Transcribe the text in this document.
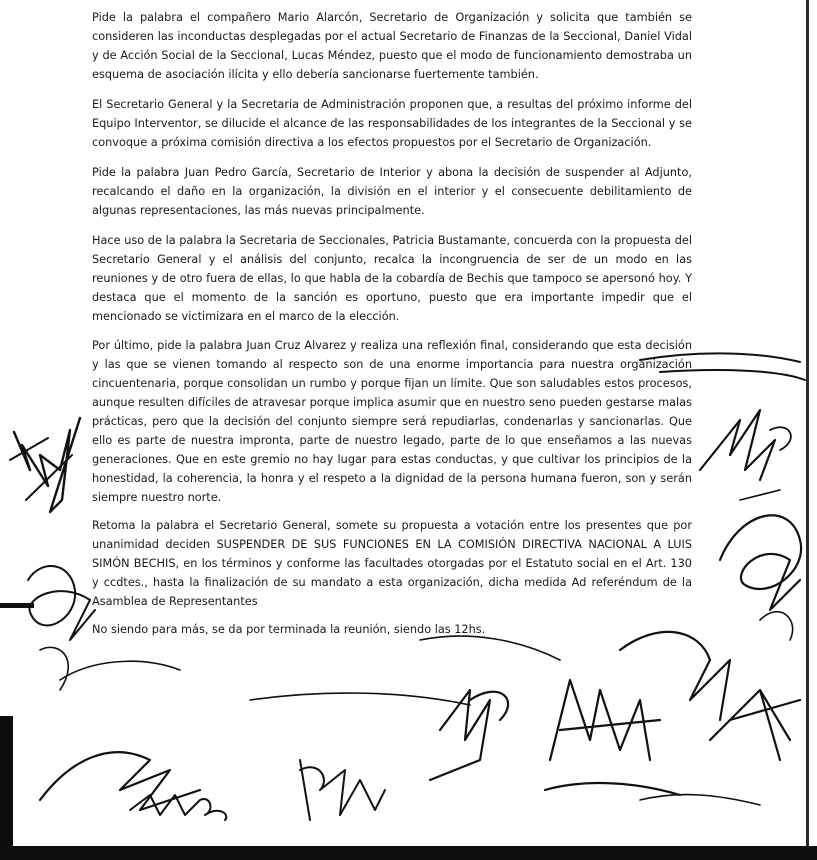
Pide la palabra el compañero Mario Alarcón, Secretario de Organización y solicita que también se consideren las inconductas desplegadas por el actual Secretario de Finanzas de la Seccional, Daniel Vidal y de Acción Social de la Seccional, Lucas Méndez, puesto que el modo de funcionamiento demostraba un esquema de asociación ilícita y ello debería sancionarse fuertemente también.

El Secretario General y la Secretaria de Administración proponen que, a resultas del próximo informe del Equipo Interventor, se dilucide el alcance de las responsabilidades de los integrantes de la Seccional y se convoque a próxima comisión directiva a los efectos propuestos por el Secretario de Organización.

Pide la palabra Juan Pedro García, Secretario de Interior y abona la decisión de suspender al Adjunto, recalcando el daño en la organización, la división en el interior y el consecuente debilitamiento de algunas representaciones, las más nuevas principalmente.

Hace uso de la palabra la Secretaria de Seccionales, Patricia Bustamante, concuerda con la propuesta del Secretario General y el análisis del conjunto, recalca la incongruencia de ser de un modo en las reuniones y de otro fuera de ellas, lo que habla de la cobardía de Bechis que tampoco se apersonó hoy. Y destaca que el momento de la sanción es oportuno, puesto que era importante impedir que el mencionado se victimizara en el marco de la elección.

Por último, pide la palabra Juan Cruz Alvarez y realiza una reflexión final, considerando que esta decisión y las que se vienen tomando al respecto son de una enorme importancia para nuestra organización cincuentenaria, porque consolidan un rumbo y porque fijan un límite. Que son saludables estos procesos, aunque resulten difíciles de atravesar porque implica asumir que en nuestro seno pueden gestarse malas prácticas, pero que la decisión del conjunto siempre será repudiarlas, condenarlas y sancionarlas. Que ello es parte de nuestra impronta, parte de nuestro legado, parte de lo que enseñamos a las nuevas generaciones. Que en este gremio no hay lugar para estas conductas, y que cultivar los principios de la honestidad, la coherencia, la honra y el respeto a la dignidad de la persona humana fueron, son y serán siempre nuestro norte.

Retoma la palabra el Secretario General, somete su propuesta a votación entre los presentes que por unanimidad deciden SUSPENDER DE SUS FUNCIONES EN LA COMISIÓN DIRECTIVA NACIONAL A LUIS SIMÓN BECHIS, en los términos y conforme las facultades otorgadas por el Estatuto social en el Art. 130 y ccdtes., hasta la finalización de su mandato a esta organización, dicha medida Ad referéndum de la Asamblea de Representantes

No siendo para más, se da por terminada la reunión, siendo las 12hs.
